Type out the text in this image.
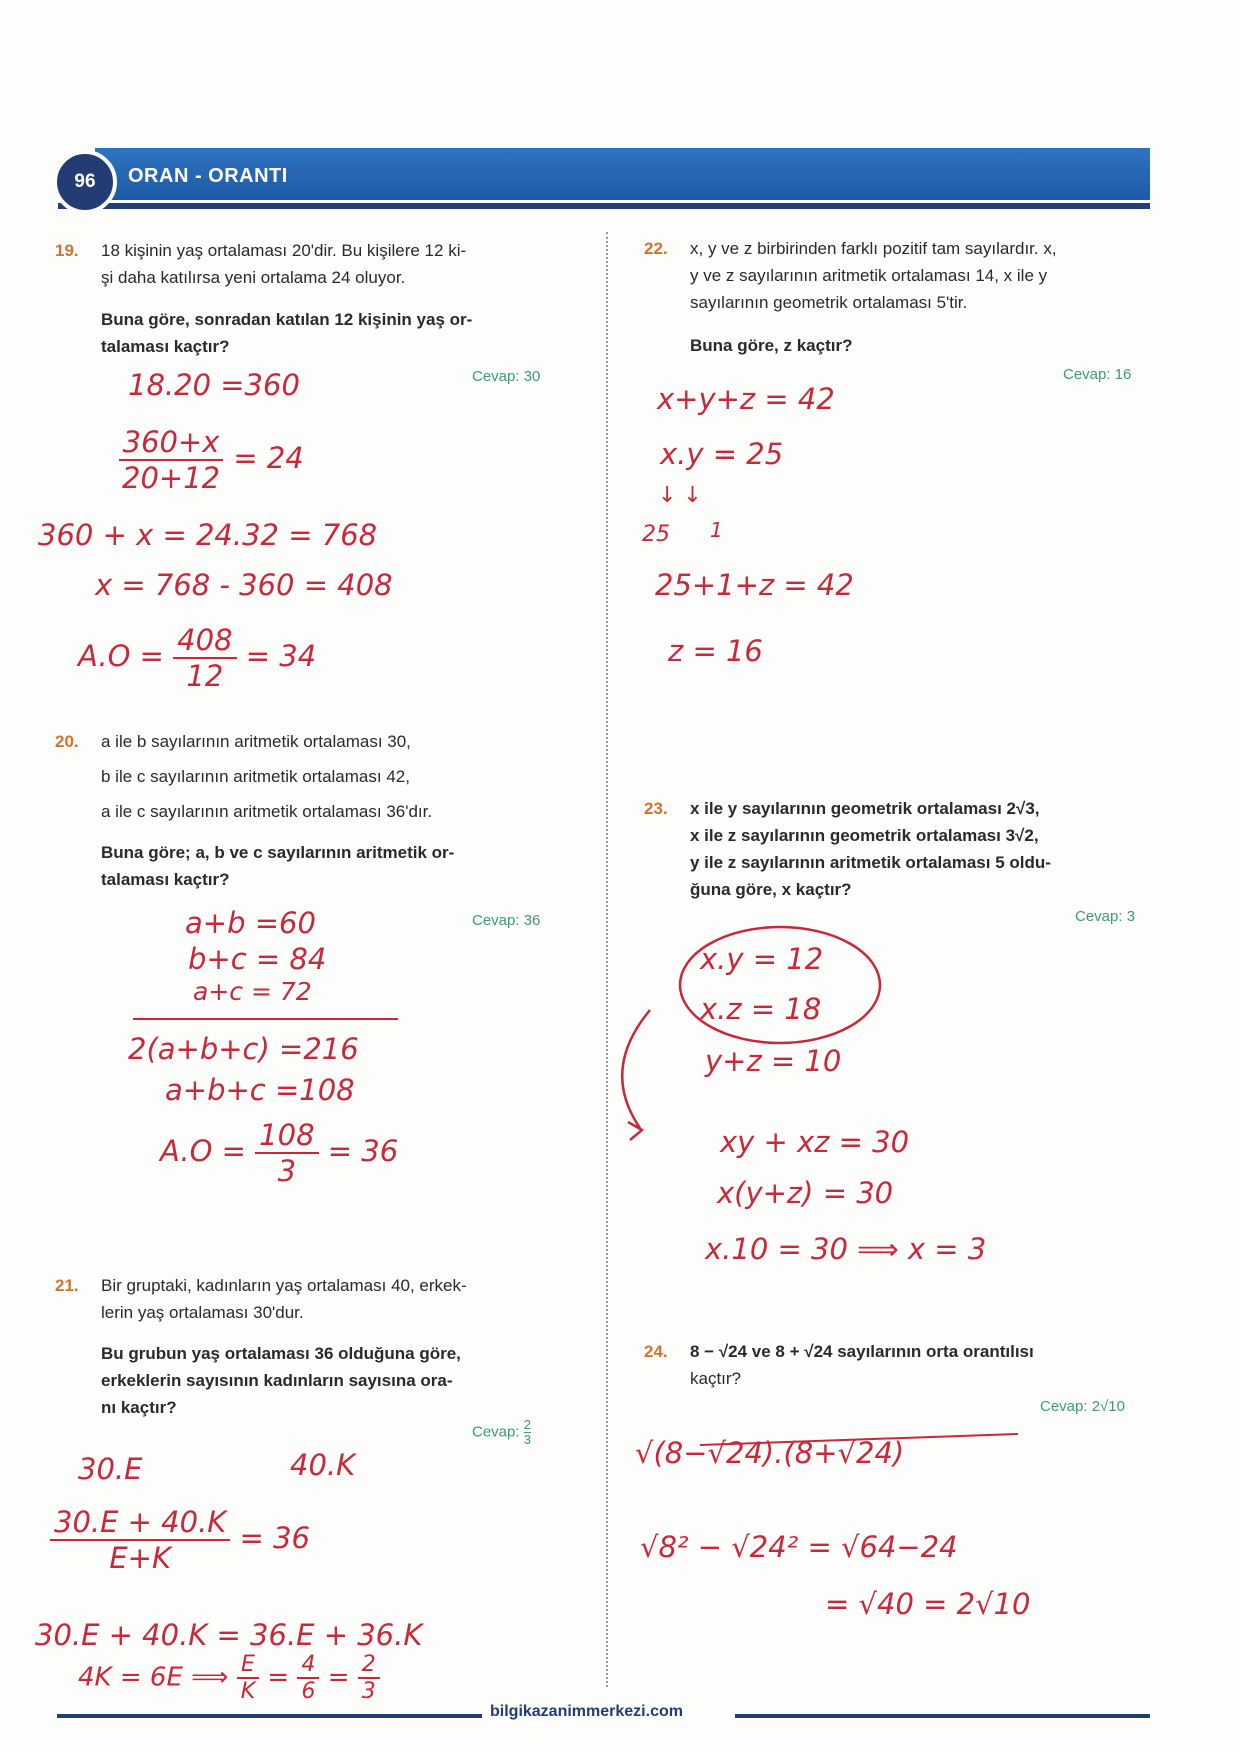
96	ORAN - ORANTI
19. 18 kişinin yaş ortalaması 20'dir. Bu kişilere 12 ki-

şi daha katılırsa yeni ortalama 24 oluyor.

Buna göre, sonradan katılan 12 kişinin yaş or-

talaması kaçtır?

Cevap: 30
18.20 =360
$\frac{360+x}{20+12} = 24$
360 + x = 24.32 = 768
x = 768 - 360 = 408
$A.O = \frac{408}{12} = 34$
20. a ile b sayılarının aritmetik ortalaması 30,

b ile c sayılarının aritmetik ortalaması 42,

a ile c sayılarının aritmetik ortalaması 36'dır.

Buna göre; a, b ve c sayılarının aritmetik or-

talaması kaçtır?

Cevap: 36
a+b =60
b+c = 84
a+c = 72
2(a+b+c) =216
a+b+c =108
$A.O = \frac{108}{3} = 36$
21. Bir gruptaki, kadınların yaş ortalaması 40, erkek-

lerin yaş ortalaması 30'dur.

Bu grubun yaş ortalaması 36 olduğuna göre,

erkeklerin sayısının kadınların sayısına ora-

nı kaçtır?

Cevap: $\frac{2}{3}$
30.E	40.K
$\frac{30.E + 40.K}{E+K} = 36$
30.E + 40.K = 36.E + 36.K
4K = 6E ⟹ $\frac{E}{K} = \frac{4}{6} = \frac{2}{3}$
22. x, y ve z birbirinden farklı pozitif tam sayılardır. x,

y ve z sayılarının aritmetik ortalaması 14, x ile y

sayılarının geometrik ortalaması 5'tir.

Buna göre, z kaçtır?

Cevap: 16
x+y+z = 42
x.y = 25
↓ ↓
25 1
25+1+z = 42
z = 16
23. x ile y sayılarının geometrik ortalaması 2√3,

x ile z sayılarının geometrik ortalaması 3√2,

y ile z sayılarının aritmetik ortalaması 5 oldu-

ğuna göre, x kaçtır?

Cevap: 3
x.y = 12
x.z = 18
y+z = 10
xy + xz = 30
x(y+z) = 30
x.10 = 30 ⟹ x = 3
24. 8 − √24 ve 8 + √24 sayılarının orta orantılısı

kaçtır?

Cevap: 2√10
√(8−√24).(8+√24)
√8² − √24² = √64−24
= √40 = 2√10
bilgikazanimmerkezi.com
